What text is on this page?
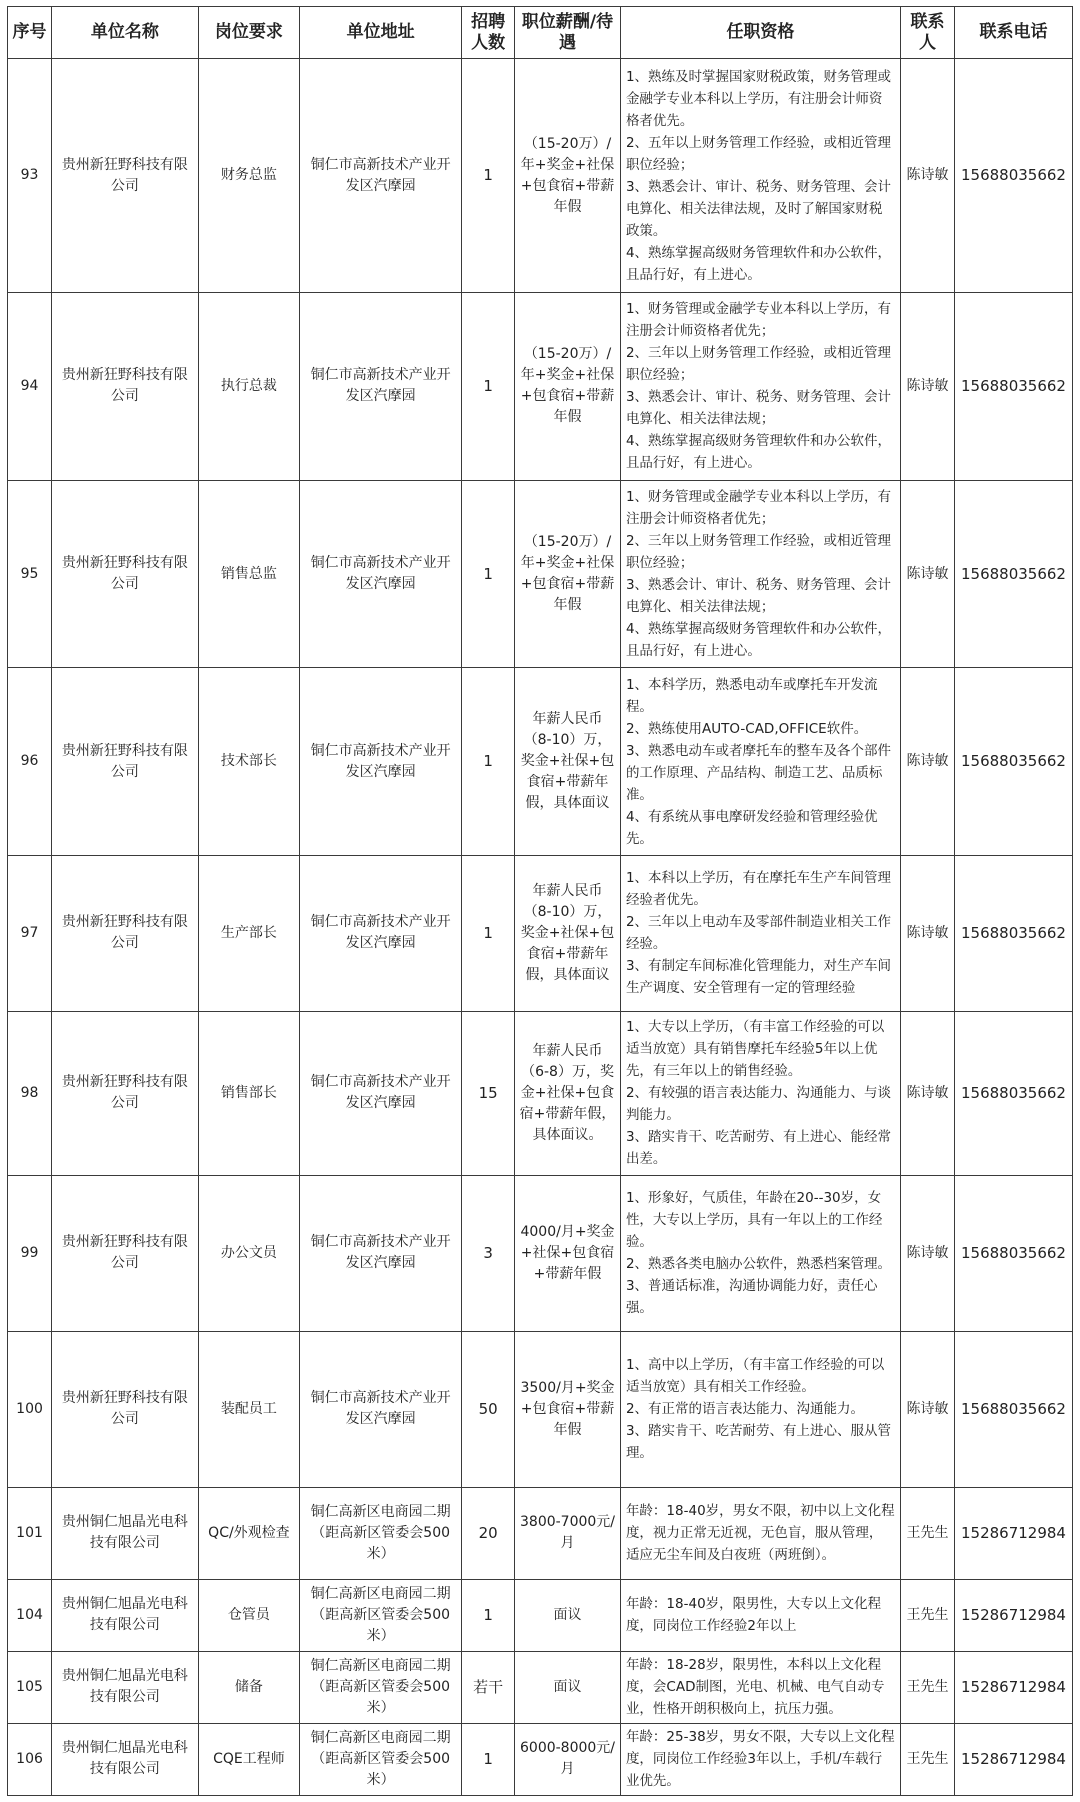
序号	单位名称	岗位要求	单位地址	招聘人数	职位薪酬/待遇	任职资格	联系人	联系电话
93	贵州新狂野科技有限公司	财务总监	铜仁市高新技术产业开发区汽摩园	1	（15-20万）/年+奖金+社保+包食宿+带薪年假	1、熟练及时掌握国家财税政策，财务管理或金融学专业本科以上学历，有注册会计师资格者优先。
2、五年以上财务管理工作经验，或相近管理职位经验；
3、熟悉会计、审计、税务、财务管理、会计电算化、相关法律法规，及时了解国家财税政策。
4、熟练掌握高级财务管理软件和办公软件，且品行好，有上进心。	陈诗敏	15688035662
94	贵州新狂野科技有限公司	执行总裁	铜仁市高新技术产业开发区汽摩园	1	（15-20万）/年+奖金+社保+包食宿+带薪年假	1、财务管理或金融学专业本科以上学历，有注册会计师资格者优先；
2、三年以上财务管理工作经验，或相近管理职位经验；
3、熟悉会计、审计、税务、财务管理、会计电算化、相关法律法规；
4、熟练掌握高级财务管理软件和办公软件，且品行好，有上进心。	陈诗敏	15688035662
95	贵州新狂野科技有限公司	销售总监	铜仁市高新技术产业开发区汽摩园	1	（15-20万）/年+奖金+社保+包食宿+带薪年假	1、财务管理或金融学专业本科以上学历，有注册会计师资格者优先；
2、三年以上财务管理工作经验，或相近管理职位经验；
3、熟悉会计、审计、税务、财务管理、会计电算化、相关法律法规；
4、熟练掌握高级财务管理软件和办公软件，且品行好，有上进心。	陈诗敏	15688035662
96	贵州新狂野科技有限公司	技术部长	铜仁市高新技术产业开发区汽摩园	1	年薪人民币（8-10）万，奖金+社保+包食宿+带薪年假，具体面议	1、本科学历，熟悉电动车或摩托车开发流程。
2、熟练使用AUTO-CAD,OFFICE软件。
3、熟悉电动车或者摩托车的整车及各个部件的工作原理、产品结构、制造工艺、品质标准。
4、有系统从事电摩研发经验和管理经验优先。	陈诗敏	15688035662
97	贵州新狂野科技有限公司	生产部长	铜仁市高新技术产业开发区汽摩园	1	年薪人民币（8-10）万，奖金+社保+包食宿+带薪年假，具体面议	1、本科以上学历，有在摩托车生产车间管理经验者优先。
2、三年以上电动车及零部件制造业相关工作经验。
3、有制定车间标准化管理能力，对生产车间生产调度、安全管理有一定的管理经验	陈诗敏	15688035662
98	贵州新狂野科技有限公司	销售部长	铜仁市高新技术产业开发区汽摩园	15	年薪人民币（6-8）万，奖金+社保+包食宿+带薪年假，具体面议。	1、大专以上学历，（有丰富工作经验的可以适当放宽）具有销售摩托车经验5年以上优先，有三年以上的销售经验。
2、有较强的语言表达能力、沟通能力、与谈判能力。
3、踏实肯干、吃苦耐劳、有上进心、能经常出差。	陈诗敏	15688035662
99	贵州新狂野科技有限公司	办公文员	铜仁市高新技术产业开发区汽摩园	3	4000/月+奖金+社保+包食宿+带薪年假	1、形象好，气质佳，年龄在20--30岁，女性，大专以上学历，具有一年以上的工作经验。
2、熟悉各类电脑办公软件，熟悉档案管理。
3、普通话标准，沟通协调能力好，责任心强。	陈诗敏	15688035662
100	贵州新狂野科技有限公司	装配员工	铜仁市高新技术产业开发区汽摩园	50	3500/月+奖金+包食宿+带薪年假	1、高中以上学历，（有丰富工作经验的可以适当放宽）具有相关工作经验。
2、有正常的语言表达能力、沟通能力。
3、踏实肯干、吃苦耐劳、有上进心、服从管理。	陈诗敏	15688035662
101	贵州铜仁旭晶光电科技有限公司	QC/外观检查	铜仁高新区电商园二期（距高新区管委会500米）	20	3800-7000元/月	年龄：18-40岁，男女不限，初中以上文化程度，视力正常无近视，无色盲，服从管理，适应无尘车间及白夜班（两班倒）。	王先生	15286712984
104	贵州铜仁旭晶光电科技有限公司	仓管员	铜仁高新区电商园二期（距高新区管委会500米）	1	面议	年龄：18-40岁，限男性，大专以上文化程度，同岗位工作经验2年以上	王先生	15286712984
105	贵州铜仁旭晶光电科技有限公司	储备	铜仁高新区电商园二期（距高新区管委会500米）	若干	面议	年龄：18-28岁，限男性，本科以上文化程度，会CAD制图，光电、机械、电气自动专业，性格开朗积极向上，抗压力强。	王先生	15286712984
106	贵州铜仁旭晶光电科技有限公司	CQE工程师	铜仁高新区电商园二期（距高新区管委会500米）	1	6000-8000元/月	年龄：25-38岁，男女不限，大专以上文化程度，同岗位工作经验3年以上，手机/车载行业优先。	王先生	15286712984
